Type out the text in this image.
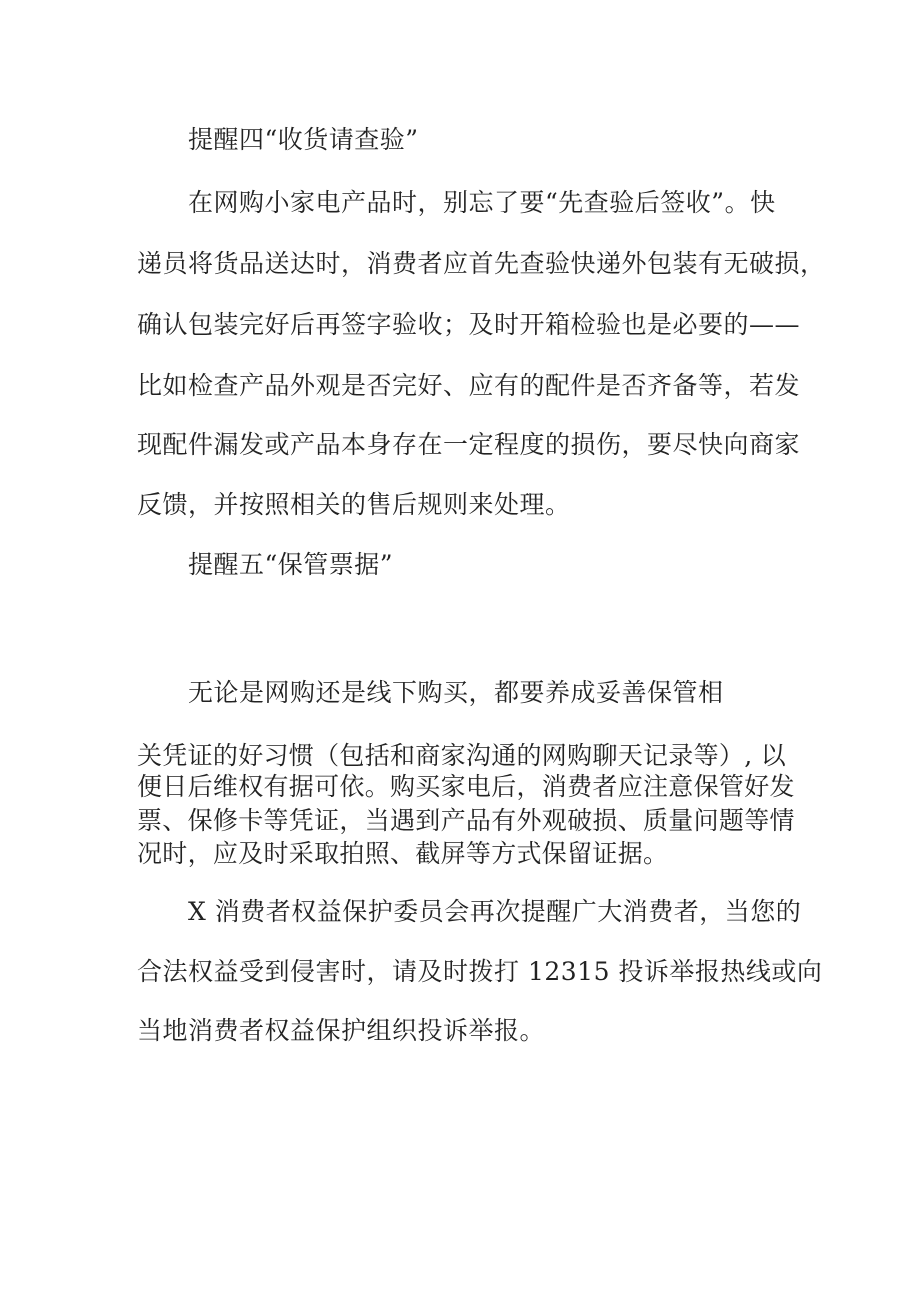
提醒四“收货请查验”
在网购小家电产品时，别忘了要“先查验后签收”。快
递员将货品送达时，消费者应首先查验快递外包装有无破损，
确认包装完好后再签字验收；及时开箱检验也是必要的——
比如检查产品外观是否完好、应有的配件是否齐备等，若发
现配件漏发或产品本身存在一定程度的损伤，要尽快向商家
反馈，并按照相关的售后规则来处理。
提醒五“保管票据”
无论是网购还是线下购买，都要养成妥善保管相
关凭证的好习惯（包括和商家沟通的网购聊天记录等）, 以
便日后维权有据可依。购买家电后，消费者应注意保管好发
票、保修卡等凭证，当遇到产品有外观破损、质量问题等情
况时，应及时采取拍照、截屏等方式保留证据。
X 消费者权益保护委员会再次提醒广大消费者，当您的
合法权益受到侵害时，请及时拨打 12315 投诉举报热线或向
当地消费者权益保护组织投诉举报。
